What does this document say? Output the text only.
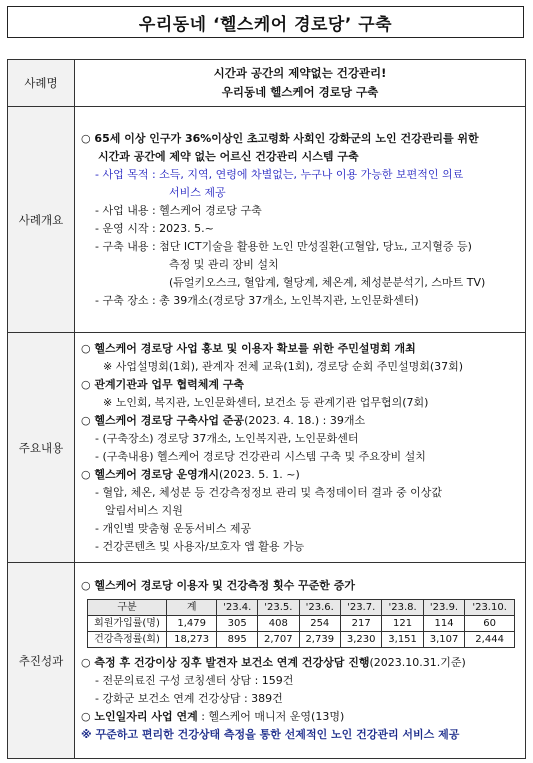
우리동네 ‘헬스케어 경로당’ 구축
사례명	
시간과 공간의 제약없는 건강관리!
우리동네 헬스케어 경로당 구축

사례개요	
○ 65세 이상 인구가 36%이상인 초고령화 사회인 강화군의 노인 건강관리를 위한
시간과 공간에 제약 없는 어르신 건강관리 시스템 구축
- 사업 목적 : 소득, 지역, 연령에 차별없는, 누구나 이용 가능한 보편적인 의료
서비스 제공
- 사업 내용 : 헬스케어 경로당 구축
- 운영 시작 : 2023. 5.~
- 구축 내용 : 첨단 ICT기술을 활용한 노인 만성질환(고혈압, 당뇨, 고지혈증 등)
측정 및 관리 장비 설치
(듀얼키오스크, 혈압계, 혈당계, 체온계, 체성분분석기, 스마트 TV)
- 구축 장소 : 총 39개소(경로당 37개소, 노인복지관, 노인문화센터)

주요내용	
○ 헬스케어 경로당 사업 홍보 및 이용자 확보를 위한 주민설명회 개최
※ 사업설명회(1회), 관계자 전체 교육(1회), 경로당 순회 주민설명회(37회)
○ 관계기관과 업무 협력체계 구축
※ 노인회, 복지관, 노인문화센터, 보건소 등 관계기관 업무협의(7회)
○ 헬스케어 경로당 구축사업 준공(2023. 4. 18.) : 39개소
- (구축장소) 경로당 37개소, 노인복지관, 노인문화센터
- (구축내용) 헬스케어 경로당 건강관리 시스템 구축 및 주요장비 설치
○ 헬스케어 경로당 운영개시(2023. 5. 1. ~)
- 혈압, 체온, 체성분 등 건강측정정보 관리 및 측정데이터 결과 중 이상값
알림서비스 지원
- 개인별 맞춤형 운동서비스 제공
- 건강콘텐츠 및 사용자/보호자 앱 활용 가능

추진성과	
○ 헬스케어 경로당 이용자 및 건강측정 횟수 꾸준한 증가
구분	계	'23.4.	'23.5.	'23.6.	'23.7.	'23.8.	'23.9.	'23.10.
회원가입률(명)	1,479	305	408	254	217	121	114	60
건강측정률(회)	18,273	895	2,707	2,739	3,230	3,151	3,107	2,444
○ 측정 후 건강이상 징후 발견자 보건소 연계 건강상담 진행(2023.10.31.기준)
- 전문의료진 구성 코칭센터 상담 : 159건
- 강화군 보건소 연계 건강상담 : 389건
○ 노인일자리 사업 연계 : 헬스케어 매니저 운영(13명)
※ 꾸준하고 편리한 건강상태 측정을 통한 선제적인 노인 건강관리 서비스 제공
